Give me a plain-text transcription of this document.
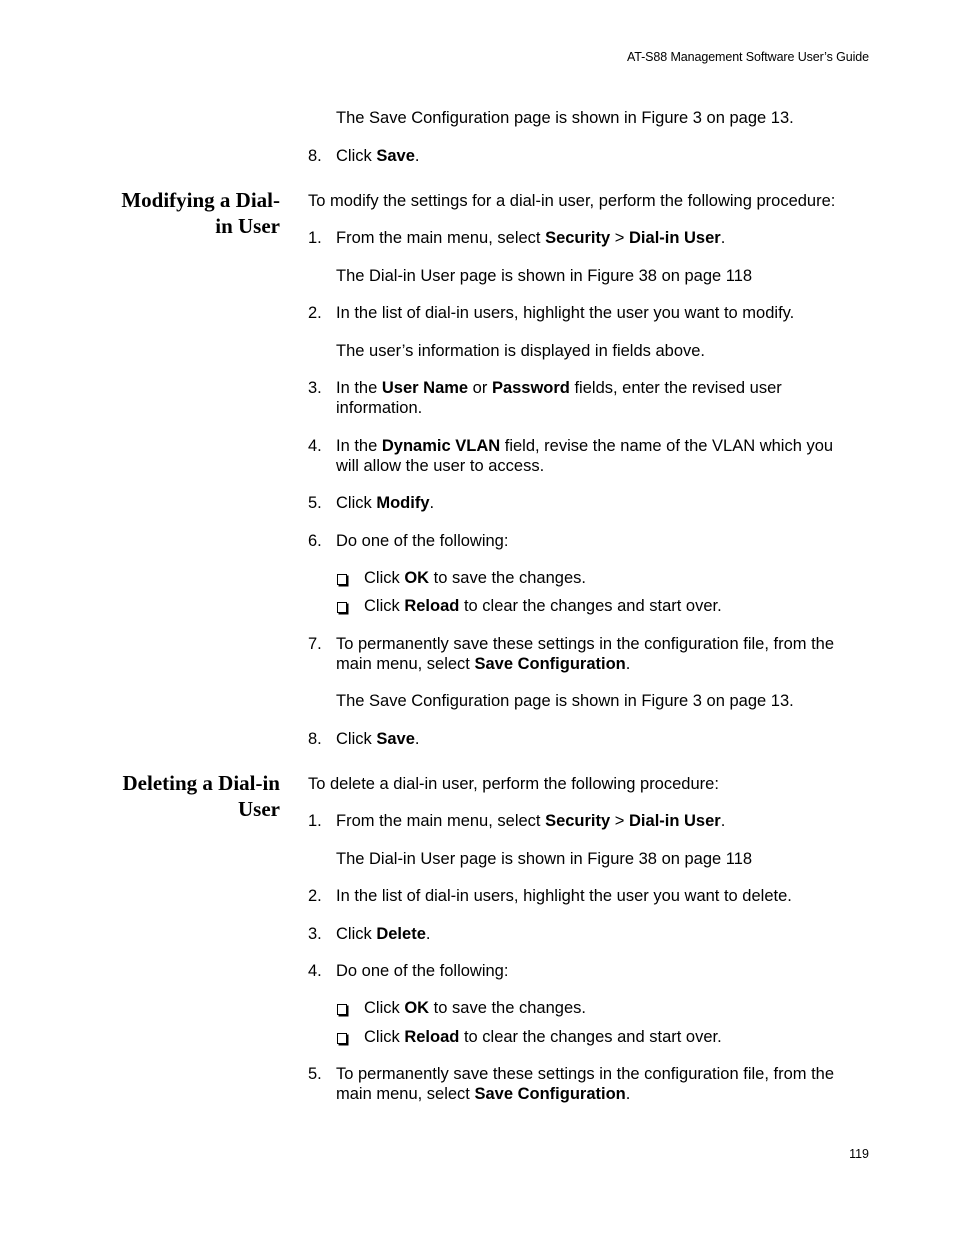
AT-S88 Management Software User’s Guide
The Save Configuration page is shown in Figure 3 on page 13.
8. Click Save.
Modifying a Dial-
in User
To modify the settings for a dial-in user, perform the following procedure:
1. From the main menu, select Security > Dial-in User.
The Dial-in User page is shown in Figure 38 on page 118
2. In the list of dial-in users, highlight the user you want to modify.
The user’s information is displayed in fields above.
3. In the User Name or Password fields, enter the revised user
information.
4. In the Dynamic VLAN field, revise the name of the VLAN which you
will allow the user to access.
5. Click Modify.
6. Do one of the following:
Click OK to save the changes.
Click Reload to clear the changes and start over.
7. To permanently save these settings in the configuration file, from the
main menu, select Save Configuration.
The Save Configuration page is shown in Figure 3 on page 13.
8. Click Save.
Deleting a Dial-in
User
To delete a dial-in user, perform the following procedure:
1. From the main menu, select Security > Dial-in User.
The Dial-in User page is shown in Figure 38 on page 118
2. In the list of dial-in users, highlight the user you want to delete.
3. Click Delete.
4. Do one of the following:
Click OK to save the changes.
Click Reload to clear the changes and start over.
5. To permanently save these settings in the configuration file, from the
main menu, select Save Configuration.
119
